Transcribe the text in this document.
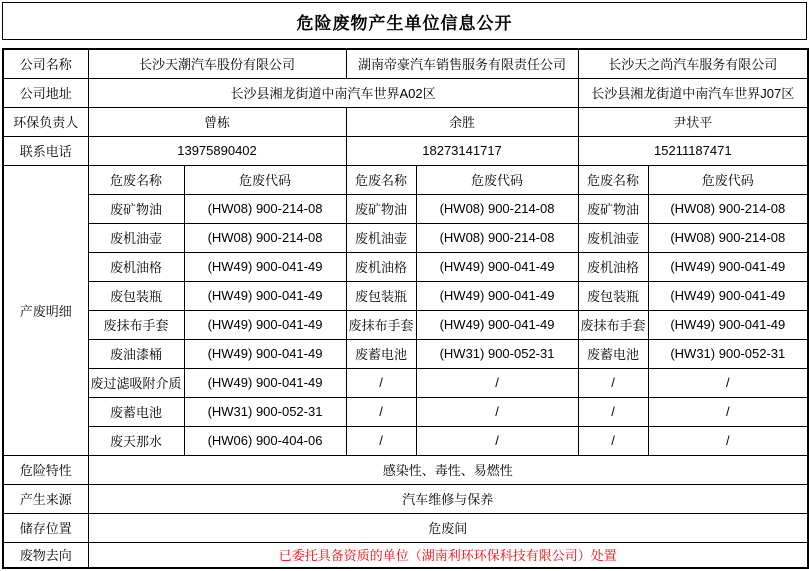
危险废物产生单位信息公开
公司名称	长沙天潮汽车股份有限公司		湖南帝豪汽车销售服务有限责任公司		长沙天之尚汽车服务有限公司	
公司地址	长沙县湘龙街道中南汽车世界A02区				长沙县湘龙街道中南汽车世界J07区	
环保负责人	曾栋		余胜		尹状平	
联系电话	13975890402		18273141717		15211187471	
产废明细	危废名称	危废代码	危废名称	危废代码	危废名称	危废代码
	废矿物油	(HW08) 900-214-08	废矿物油	(HW08) 900-214-08	废矿物油	(HW08) 900-214-08
	废机油壶	(HW08) 900-214-08	废机油壶	(HW08) 900-214-08	废机油壶	(HW08) 900-214-08
	废机油格	(HW49) 900-041-49	废机油格	(HW49) 900-041-49	废机油格	(HW49) 900-041-49
	废包装瓶	(HW49) 900-041-49	废包装瓶	(HW49) 900-041-49	废包装瓶	(HW49) 900-041-49
	废抹布手套	(HW49) 900-041-49	废抹布手套	(HW49) 900-041-49	废抹布手套	(HW49) 900-041-49
	废油漆桶	(HW49) 900-041-49	废蓄电池	(HW31) 900-052-31	废蓄电池	(HW31) 900-052-31
	废过滤吸附介质	(HW49) 900-041-49	/	/	/	/
	废蓄电池	(HW31) 900-052-31	/	/	/	/
	废天那水	(HW06) 900-404-06	/	/	/	/
危险特性	感染性、毒性、易燃性					
产生来源	汽车维修与保养					
储存位置	危废间					
废物去向	已委托具备资质的单位（湖南利环环保科技有限公司）处置					
